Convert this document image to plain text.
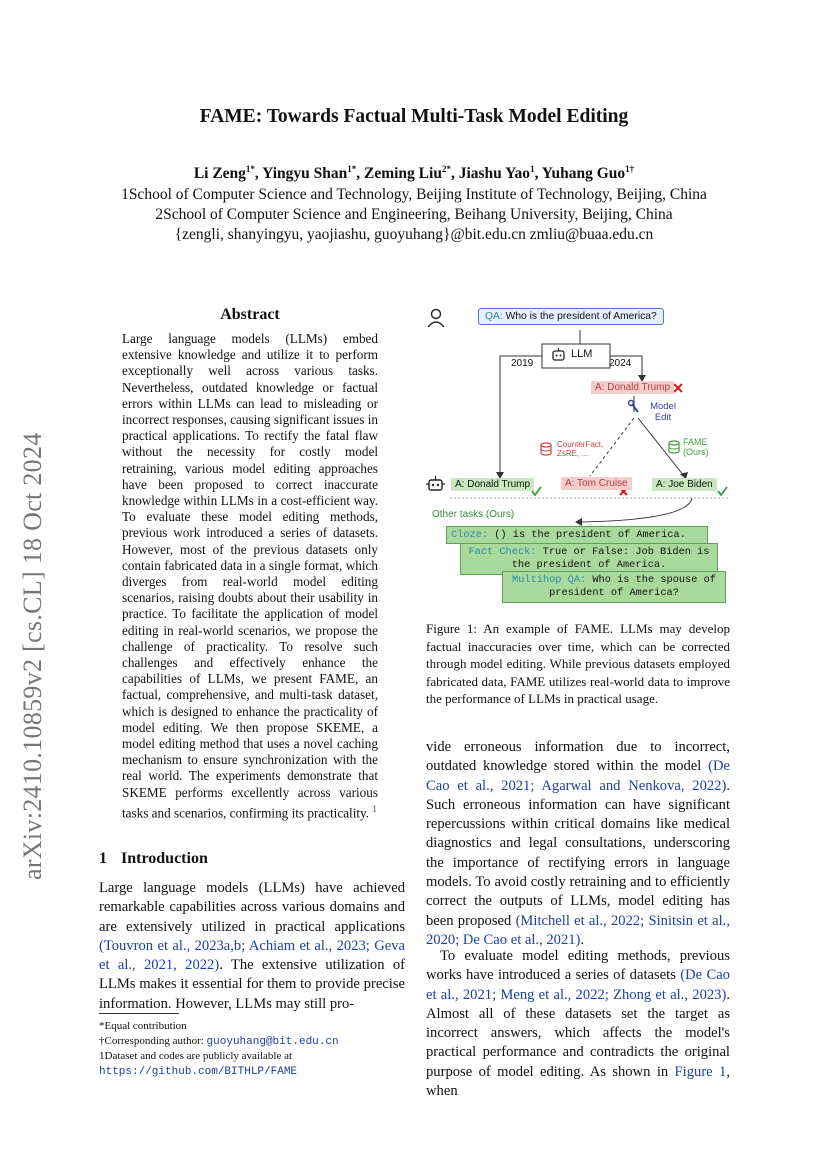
arXiv:2410.10859v2 [cs.CL] 18 Oct 2024
FAME: Towards Factual Multi-Task Model Editing
Li Zeng$^{1*}$, Yingyu Shan$^{1*}$, Zeming Liu$^{2*}$, Jiashu Yao$^1$, Yuhang Guo$^{1\dagger}$
1School of Computer Science and Technology, Beijing Institute of Technology, Beijing, China
2School of Computer Science and Engineering, Beihang University, Beijing, China
{zengli, shanyingyu, yaojiashu, guoyuhang}@bit.edu.cn zmliu@buaa.edu.cn
Abstract
Large language models (LLMs) embed extensive knowledge and utilize it to perform exceptionally well across various tasks. Nevertheless, outdated knowledge or factual errors within LLMs can lead to misleading or incorrect responses, causing significant issues in practical applications. To rectify the fatal flaw without the necessity for costly model retraining, various model editing approaches have been proposed to correct inaccurate knowledge within LLMs in a cost-efficient way. To evaluate these model editing methods, previous work introduced a series of datasets. However, most of the previous datasets only contain fabricated data in a single format, which diverges from real-world model editing scenarios, raising doubts about their usability in practice. To facilitate the application of model editing in real-world scenarios, we propose the challenge of practicality. To resolve such challenges and effectively enhance the capabilities of LLMs, we present FAME, an factual, comprehensive, and multi-task dataset, which is designed to enhance the practicality of model editing. We then propose SKEME, a model editing method that uses a novel caching mechanism to ensure synchronization with the real world. The experiments demonstrate that SKEME performs excellently across various tasks and scenarios, confirming its practicality. $^1$
1 Introduction
Large language models (LLMs) have achieved remarkable capabilities across various domains and are extensively utilized in practical applications (Touvron et al., 2023a,b; Achiam et al., 2023; Geva et al., 2021, 2022). The extensive utilization of LLMs makes it essential for them to provide precise information. However, LLMs may still pro-
*Equal contribution
†Corresponding author: guoyuhang@bit.edu.cn
1Dataset and codes are publicly available at https://github.com/BITHLP/FAME
QA: Who is the president of America?
LLM
2019	2024
A: Donald Trump
Model Edit
CounterFact, ZsRE, ...
FAME (Ours)
A: Donald Trump	A: Tom Cruise	A: Joe Biden
Other tasks (Ours)
Cloze: () is the president of America.
Fact Check: True or False: Job Biden is the president of America.
Multihop QA: Who is the spouse of president of America?
Figure 1: An example of FAME. LLMs may develop factual inaccuracies over time, which can be corrected through model editing. While previous datasets employed fabricated data, FAME utilizes real-world data to improve the performance of LLMs in practical usage.
vide erroneous information due to incorrect, outdated knowledge stored within the model (De Cao et al., 2021; Agarwal and Nenkova, 2022). Such erroneous information can have significant repercussions within critical domains like medical diagnostics and legal consultations, underscoring the importance of rectifying errors in language models. To avoid costly retraining and to efficiently correct the outputs of LLMs, model editing has been proposed (Mitchell et al., 2022; Sinitsin et al., 2020; De Cao et al., 2021).
To evaluate model editing methods, previous works have introduced a series of datasets (De Cao et al., 2021; Meng et al., 2022; Zhong et al., 2023). Almost all of these datasets set the target as incorrect answers, which affects the model's practical performance and contradicts the original purpose of model editing. As shown in Figure 1, when
